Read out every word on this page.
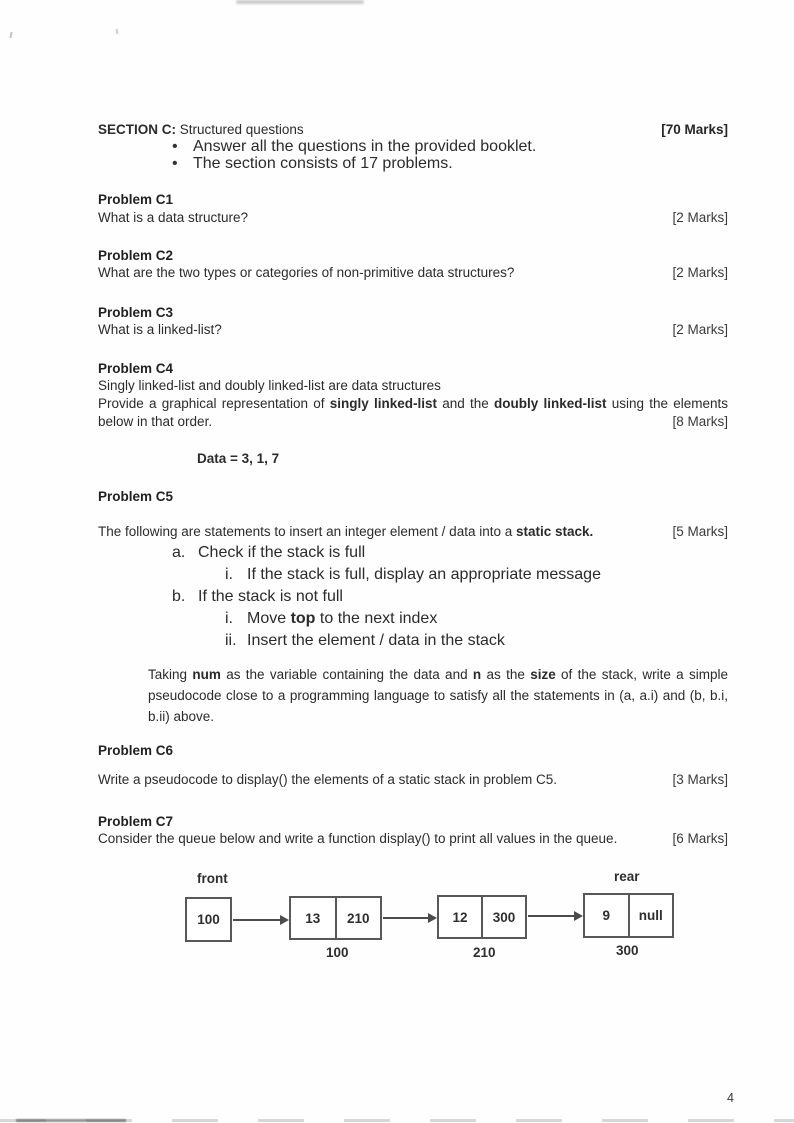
SECTION C: Structured questions	[70 Marks]
• Answer all the questions in the provided booklet.
• The section consists of 17 problems.

Problem C1

What is a data structure?	[2 Marks]

Problem C2

What are the two types or categories of non-primitive data structures?	[2 Marks]

Problem C3

What is a linked-list?	[2 Marks]

Problem C4

Singly linked-list and doubly linked-list are data structures

Provide a graphical representation of singly linked-list and the doubly linked-list using the elements

below in that order.	[8 Marks]

Data = 3, 1, 7

Problem C5

The following are statements to insert an integer element / data into a static stack.	[5 Marks]
a. Check if the stack is full
i. If the stack is full, display an appropriate message
b. If the stack is not full
i. Move top to the next index
ii. Insert the element / data in the stack
Taking num as the variable containing the data and n as the size of the stack, write a simple
pseudocode close to a programming language to satisfy all the statements in (a, a.i) and (b, b.i,
b.ii) above.

Problem C6

Write a pseudocode to display() the elements of a static stack in problem C5.	[3 Marks]

Problem C7

Consider the queue below and write a function display() to print all values in the queue.	[6 Marks]
front	rear
100	13	210
100
12	300
210
9	null
300
4
